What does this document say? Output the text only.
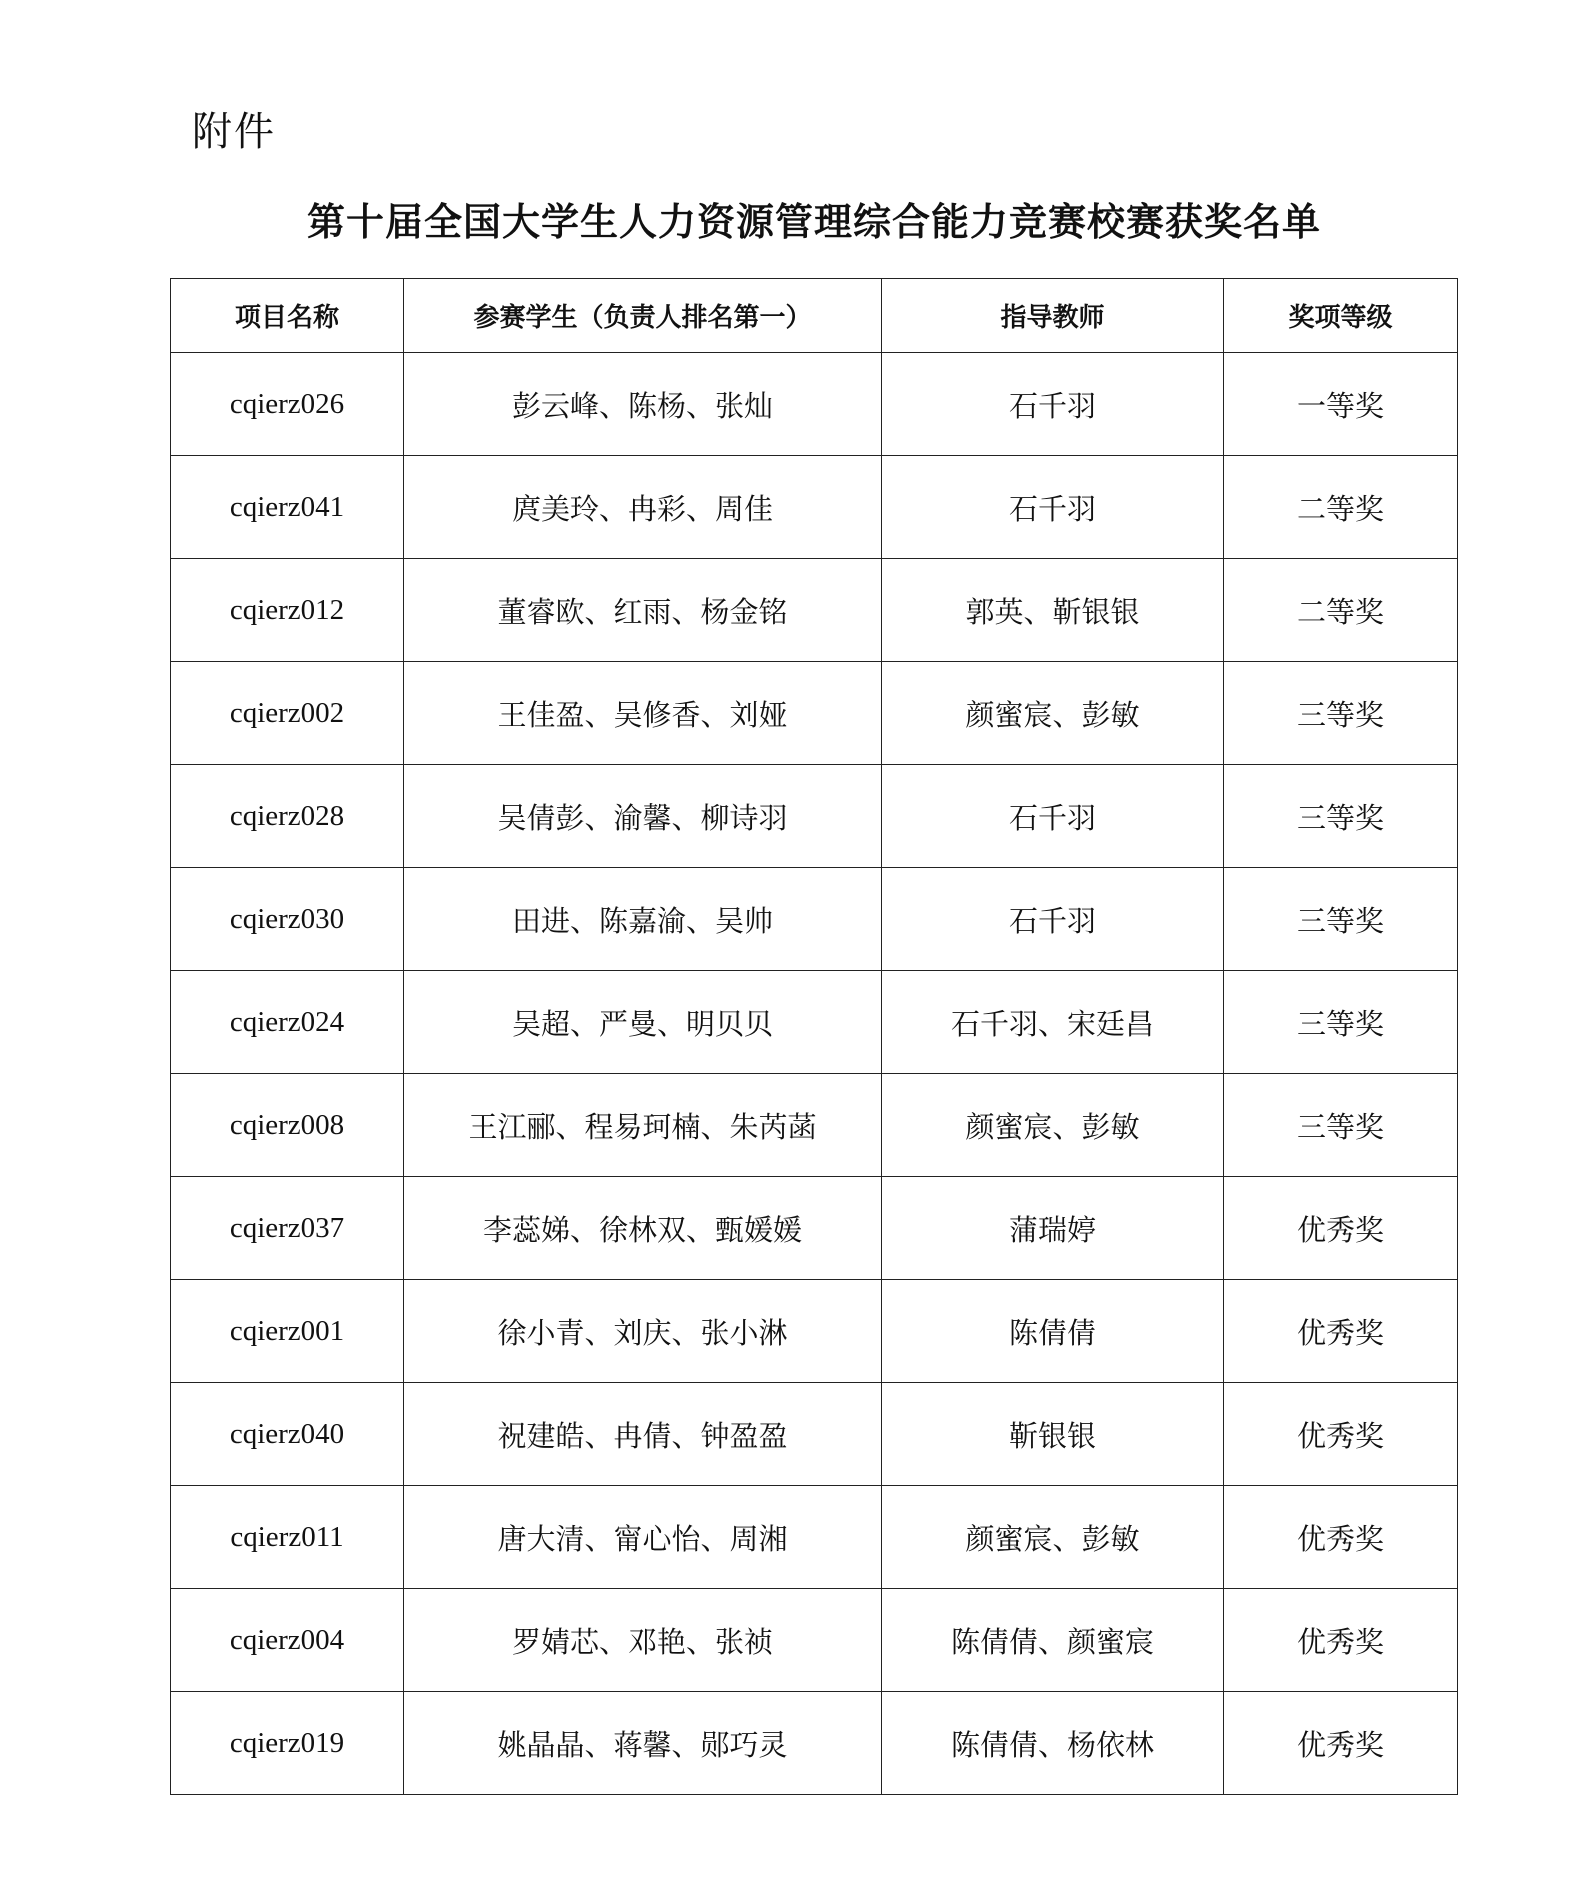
附件
第十届全国大学生人力资源管理综合能力竞赛校赛获奖名单
项目名称	参赛学生（负责人排名第一）	指导教师	奖项等级
cqierz026	彭云峰、陈杨、张灿	石千羽	一等奖
cqierz041	庹美玲、冉彩、周佳	石千羽	二等奖
cqierz012	董睿欧、红雨、杨金铭	郭英、靳银银	二等奖
cqierz002	王佳盈、吴修香、刘娅	颜蜜宸、彭敏	三等奖
cqierz028	吴倩彭、渝馨、柳诗羽	石千羽	三等奖
cqierz030	田进、陈嘉渝、吴帅	石千羽	三等奖
cqierz024	吴超、严曼、明贝贝	石千羽、宋廷昌	三等奖
cqierz008	王江郦、程易珂楠、朱芮菡	颜蜜宸、彭敏	三等奖
cqierz037	李蕊娣、徐林双、甄媛媛	蒲瑞婷	优秀奖
cqierz001	徐小青、刘庆、张小淋	陈倩倩	优秀奖
cqierz040	祝建皓、冉倩、钟盈盈	靳银银	优秀奖
cqierz011	唐大清、甯心怡、周湘	颜蜜宸、彭敏	优秀奖
cqierz004	罗婧芯、邓艳、张祯	陈倩倩、颜蜜宸	优秀奖
cqierz019	姚晶晶、蒋馨、郧巧灵	陈倩倩、杨依林	优秀奖
